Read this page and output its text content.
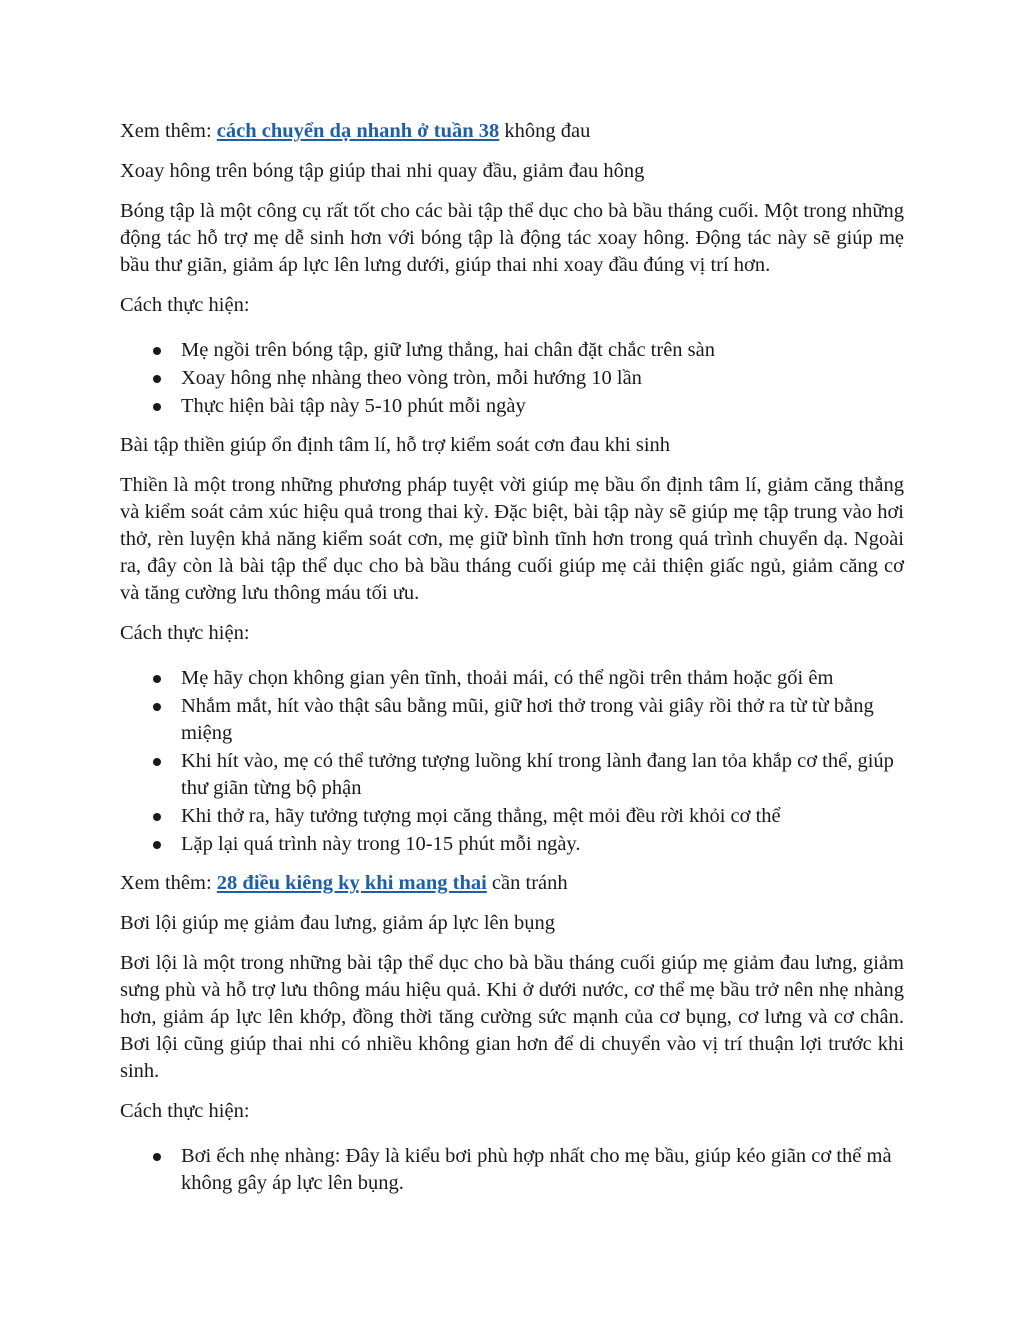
Xem thêm: cách chuyển dạ nhanh ở tuần 38 không đau

Xoay hông trên bóng tập giúp thai nhi quay đầu, giảm đau hông

Bóng tập là một công cụ rất tốt cho các bài tập thể dục cho bà bầu tháng cuối. Một trong những động tác hỗ trợ mẹ dễ sinh hơn với bóng tập là động tác xoay hông. Động tác này sẽ giúp mẹ bầu thư giãn, giảm áp lực lên lưng dưới, giúp thai nhi xoay đầu đúng vị trí hơn.

Cách thực hiện:

Mẹ ngồi trên bóng tập, giữ lưng thẳng, hai chân đặt chắc trên sàn
Xoay hông nhẹ nhàng theo vòng tròn, mỗi hướng 10 lần
Thực hiện bài tập này 5-10 phút mỗi ngày

Bài tập thiền giúp ổn định tâm lí, hỗ trợ kiểm soát cơn đau khi sinh

Thiền là một trong những phương pháp tuyệt vời giúp mẹ bầu ổn định tâm lí, giảm căng thẳng và kiểm soát cảm xúc hiệu quả trong thai kỳ. Đặc biệt, bài tập này sẽ giúp mẹ tập trung vào hơi thở, rèn luyện khả năng kiểm soát cơn, mẹ giữ bình tĩnh hơn trong quá trình chuyển dạ. Ngoài ra, đây còn là bài tập thể dục cho bà bầu tháng cuối giúp mẹ cải thiện giấc ngủ, giảm căng cơ và tăng cường lưu thông máu tối ưu.

Cách thực hiện:

Mẹ hãy chọn không gian yên tĩnh, thoải mái, có thể ngồi trên thảm hoặc gối êm
Nhắm mắt, hít vào thật sâu bằng mũi, giữ hơi thở trong vài giây rồi thở ra từ từ bằng miệng
Khi hít vào, mẹ có thể tưởng tượng luồng khí trong lành đang lan tỏa khắp cơ thể, giúp thư giãn từng bộ phận
Khi thở ra, hãy tưởng tượng mọi căng thẳng, mệt mỏi đều rời khỏi cơ thể
Lặp lại quá trình này trong 10-15 phút mỗi ngày.

Xem thêm: 28 điều kiêng kỵ khi mang thai cần tránh

Bơi lội giúp mẹ giảm đau lưng, giảm áp lực lên bụng

Bơi lội là một trong những bài tập thể dục cho bà bầu tháng cuối giúp mẹ giảm đau lưng, giảm sưng phù và hỗ trợ lưu thông máu hiệu quả. Khi ở dưới nước, cơ thể mẹ bầu trở nên nhẹ nhàng hơn, giảm áp lực lên khớp, đồng thời tăng cường sức mạnh của cơ bụng, cơ lưng và cơ chân. Bơi lội cũng giúp thai nhi có nhiều không gian hơn để di chuyển vào vị trí thuận lợi trước khi sinh.

Cách thực hiện:

Bơi ếch nhẹ nhàng: Đây là kiểu bơi phù hợp nhất cho mẹ bầu, giúp kéo giãn cơ thể mà không gây áp lực lên bụng.
